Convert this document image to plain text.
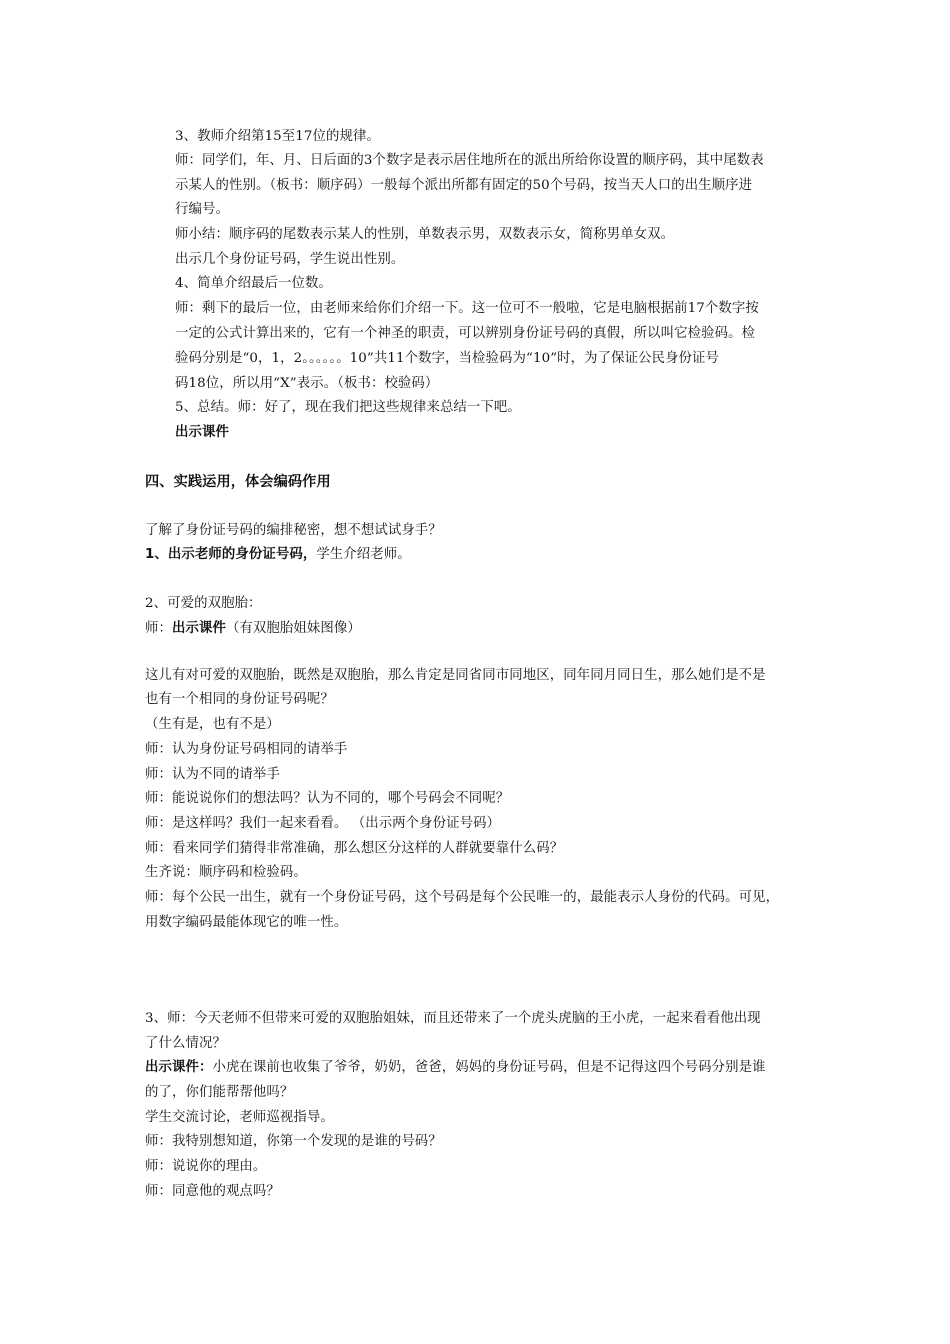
3、教师介绍第15至17位的规律。
师：同学们，年、月、日后面的3个数字是表示居住地所在的派出所给你设置的顺序码，其中尾数表
示某人的性别。（板书：顺序码）一般每个派出所都有固定的50个号码，按当天人口的出生顺序进
行编号。
师小结：顺序码的尾数表示某人的性别，单数表示男，双数表示女，简称男单女双。
出示几个身份证号码，学生说出性别。
4、简单介绍最后一位数。
师：剩下的最后一位，由老师来给你们介绍一下。这一位可不一般啦，它是电脑根据前17个数字按
一定的公式计算出来的，它有一个神圣的职责，可以辨别身份证号码的真假，所以叫它检验码。检
验码分别是“0，1，2。。。。。。10”共11个数字，当检验码为“10”时，为了保证公民身份证号
码18位，所以用“X”表示。（板书：校验码）
5、总结。师：好了，现在我们把这些规律来总结一下吧。
出示课件
四、实践运用，体会编码作用
了解了身份证号码的编排秘密，想不想试试身手？
1、出示老师的身份证号码，学生介绍老师。
2、可爱的双胞胎：
师：出示课件（有双胞胎姐妹图像）
这儿有对可爱的双胞胎，既然是双胞胎，那么肯定是同省同市同地区，同年同月同日生，那么她们是不是
也有一个相同的身份证号码呢？
（生有是，也有不是）
师：认为身份证号码相同的请举手
师：认为不同的请举手
师：能说说你们的想法吗？认为不同的，哪个号码会不同呢？
师：是这样吗？我们一起来看看。 （出示两个身份证号码）
师：看来同学们猜得非常准确，那么想区分这样的人群就要靠什么码？
生齐说：顺序码和检验码。
师：每个公民一出生，就有一个身份证号码，这个号码是每个公民唯一的，最能表示人身份的代码。可见，
用数字编码最能体现它的唯一性。
3、师：今天老师不但带来可爱的双胞胎姐妹，而且还带来了一个虎头虎脑的王小虎，一起来看看他出现
了什么情况？
出示课件：小虎在课前也收集了爷爷，奶奶，爸爸，妈妈的身份证号码，但是不记得这四个号码分别是谁
的了，你们能帮帮他吗？
学生交流讨论，老师巡视指导。
师：我特别想知道，你第一个发现的是谁的号码？
师：说说你的理由。
师：同意他的观点吗？
